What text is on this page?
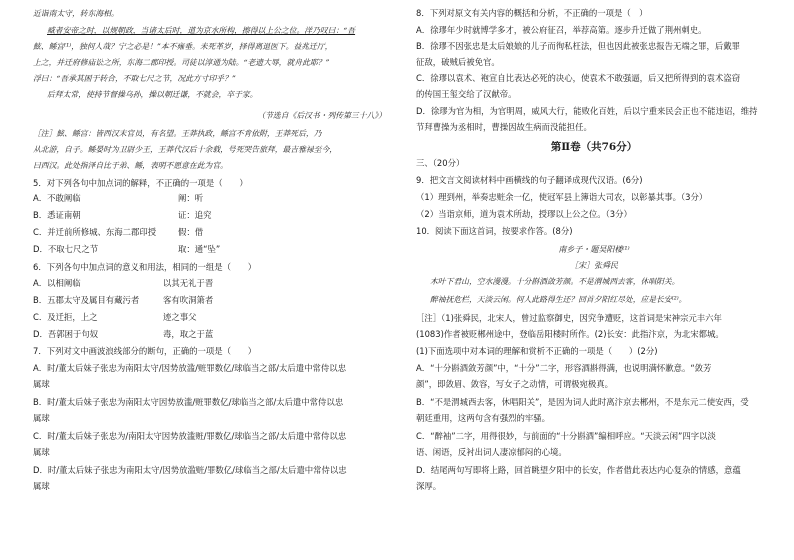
近诣南太守，转东海相。
臧者安帝之时，以规朝政，当诸太后时，道为京水所构，擦得以上公之位。洋乃叹曰：“吾
鮌、鲧宫⁽¹⁾，独何人哉？宁之必是！”本不雍垂。未死革岁，择得离退医下。益兆迁厅，
上之，并迁府修庙讼之所，东海二郡印授。司徒以淳通为陆。“老遗大辱，就舟此耶？”
浮曰：“吾承其困于转合，不取七尺之节，况此方寸印乎？”
后拜太常，使持节督操乌孙，操以朝迁谦，不就会，卒于家。
（节选自《后汉书・列传第三十八》）
［注］鮌、鲧宫：皆西汉末官员，有名望。王莽执政，鲧宫不肯依附，王莽死后，乃
从北游，自子。鲧晏时为卫尉少王，王莽代汉后十余载，号死哭告旅拜，最吉雅禄至今，
曰西汉。此处指泽自比于弟、鲧，表明不愿意在此为官。
5．对下列各句中加点词的解释，不正确的一项是（　　）
A．不敢阐临	阐：听
B．悉证南朝	证：追究
C．并迁前所修城、东海二郡印授	假：借
D．不取七尺之节	取：通“坠”
6．下列各句中加点词的意义和用法，相同的一组是（　　）
A．以相阐临	以其无礼于晋
B．五郡太守及属目有藏污者	客有吹洞箫者
C．及迁拒，上之	迹之事父
D．吾郭困于句奴	毒，取之于蓝
7．下列对文中画波浪线部分的断句，正确的一项是（　　）
A．时/董太后妹子张忠为南阳太守/因势放滥/赃罪数亿/球临当之部/太后遣中常侍以忠
属球
B．时/董太后妹子张忠为南阳太守因势放滥/赃罪数亿/球临当之部/太后遣中常侍以忠
属球
C．时/董太后妹子张忠为/南阳太守因势放滥赃/罪数亿/球临当之部/太后遣中常侍以忠
属球
D．时/董太后妹子张忠为南阳太守/因势放滥赃/罪数亿/球临当之部/太后遣中常侍以忠
属球
8．下列对原文有关内容的概括和分析，不正确的一项是（　）
A．徐璆年少时就博学多才，被公府征召，举荐高第。逐步升迁做了荆州刺史。
B．徐璆不因张忠是太后娘娘的儿子而徇私枉法，但也因此被张忠报告无端之罪，后戴罪
征敌，破贼后被免官。
C．徐璆以袁术、袍宣自比表达必死的决心，使袁术不敢强逼，后又把所得到的袁术盗窃
的传国王玺交给了汉献帝。
D．徐璆为官为相，为官明周，威风大行，能败化百姓，后以宁重来民会正也不能违诏，维持
节拜曹操为丞相时，曹操因故生病而没能担任。
第Ⅱ卷（共76分）
三、（20分）
9．把文言文阅读材料中画横线的句子翻译成现代汉语。(6分)
（1）理到州，举奏忠赃余一亿，使冠军县上簿诣大司农，以彰暴其事。（3分）
（2）当诣京师，道为袁术所劫，授璆以上公之位。（3分）
10．阅读下面这首词，按要求作答。(8分)
南乡子・题吴阳楼⁽¹⁾
［宋］张舜民
木叶下君山，空水漫漫。十分斟酒敛芳颜。不是渭城西去客，休唱阳关。
醉袖抚危栏，天淡云闲。何人此路得生还？回首夕阳红尽处，应是长安⁽²⁾。
［注］（1)张舜民，北宋人，曾过监察御史，因究争遭贬，这首词是宋神宗元丰六年
(1083)作者被贬郴州途中，登临岳阳楼时所作。(2)长安：此指汴京，为北宋都城。
(1)下面选项中对本词的理解和赏析不正确的一项是（　　）(2分)
A．“十分斟酒敛芳颜”中，“十分”二字，形容酒斟得满，也说明满怀歉意。“敛芳
颜”，即敛眉、敛容，写女子之动情，可谓极宛极真。
B．“不是渭城西去客，休唱阳关”，是因为词人此时离汴京去郴州，不是东元二使安西，受
朝廷重用，这两句含有强烈的牢骚。
C．“醉袖”二字，用得很妙，与前面的“十分斟酒”编相呼应。“天淡云闲”四字以淡
语、闲语，反衬出词人凄凉郁闷的心境。
D．结尾两句写即将上路，回首眺望夕阳中的长安，作者借此表达内心复杂的情感，意蕴
深厚。
